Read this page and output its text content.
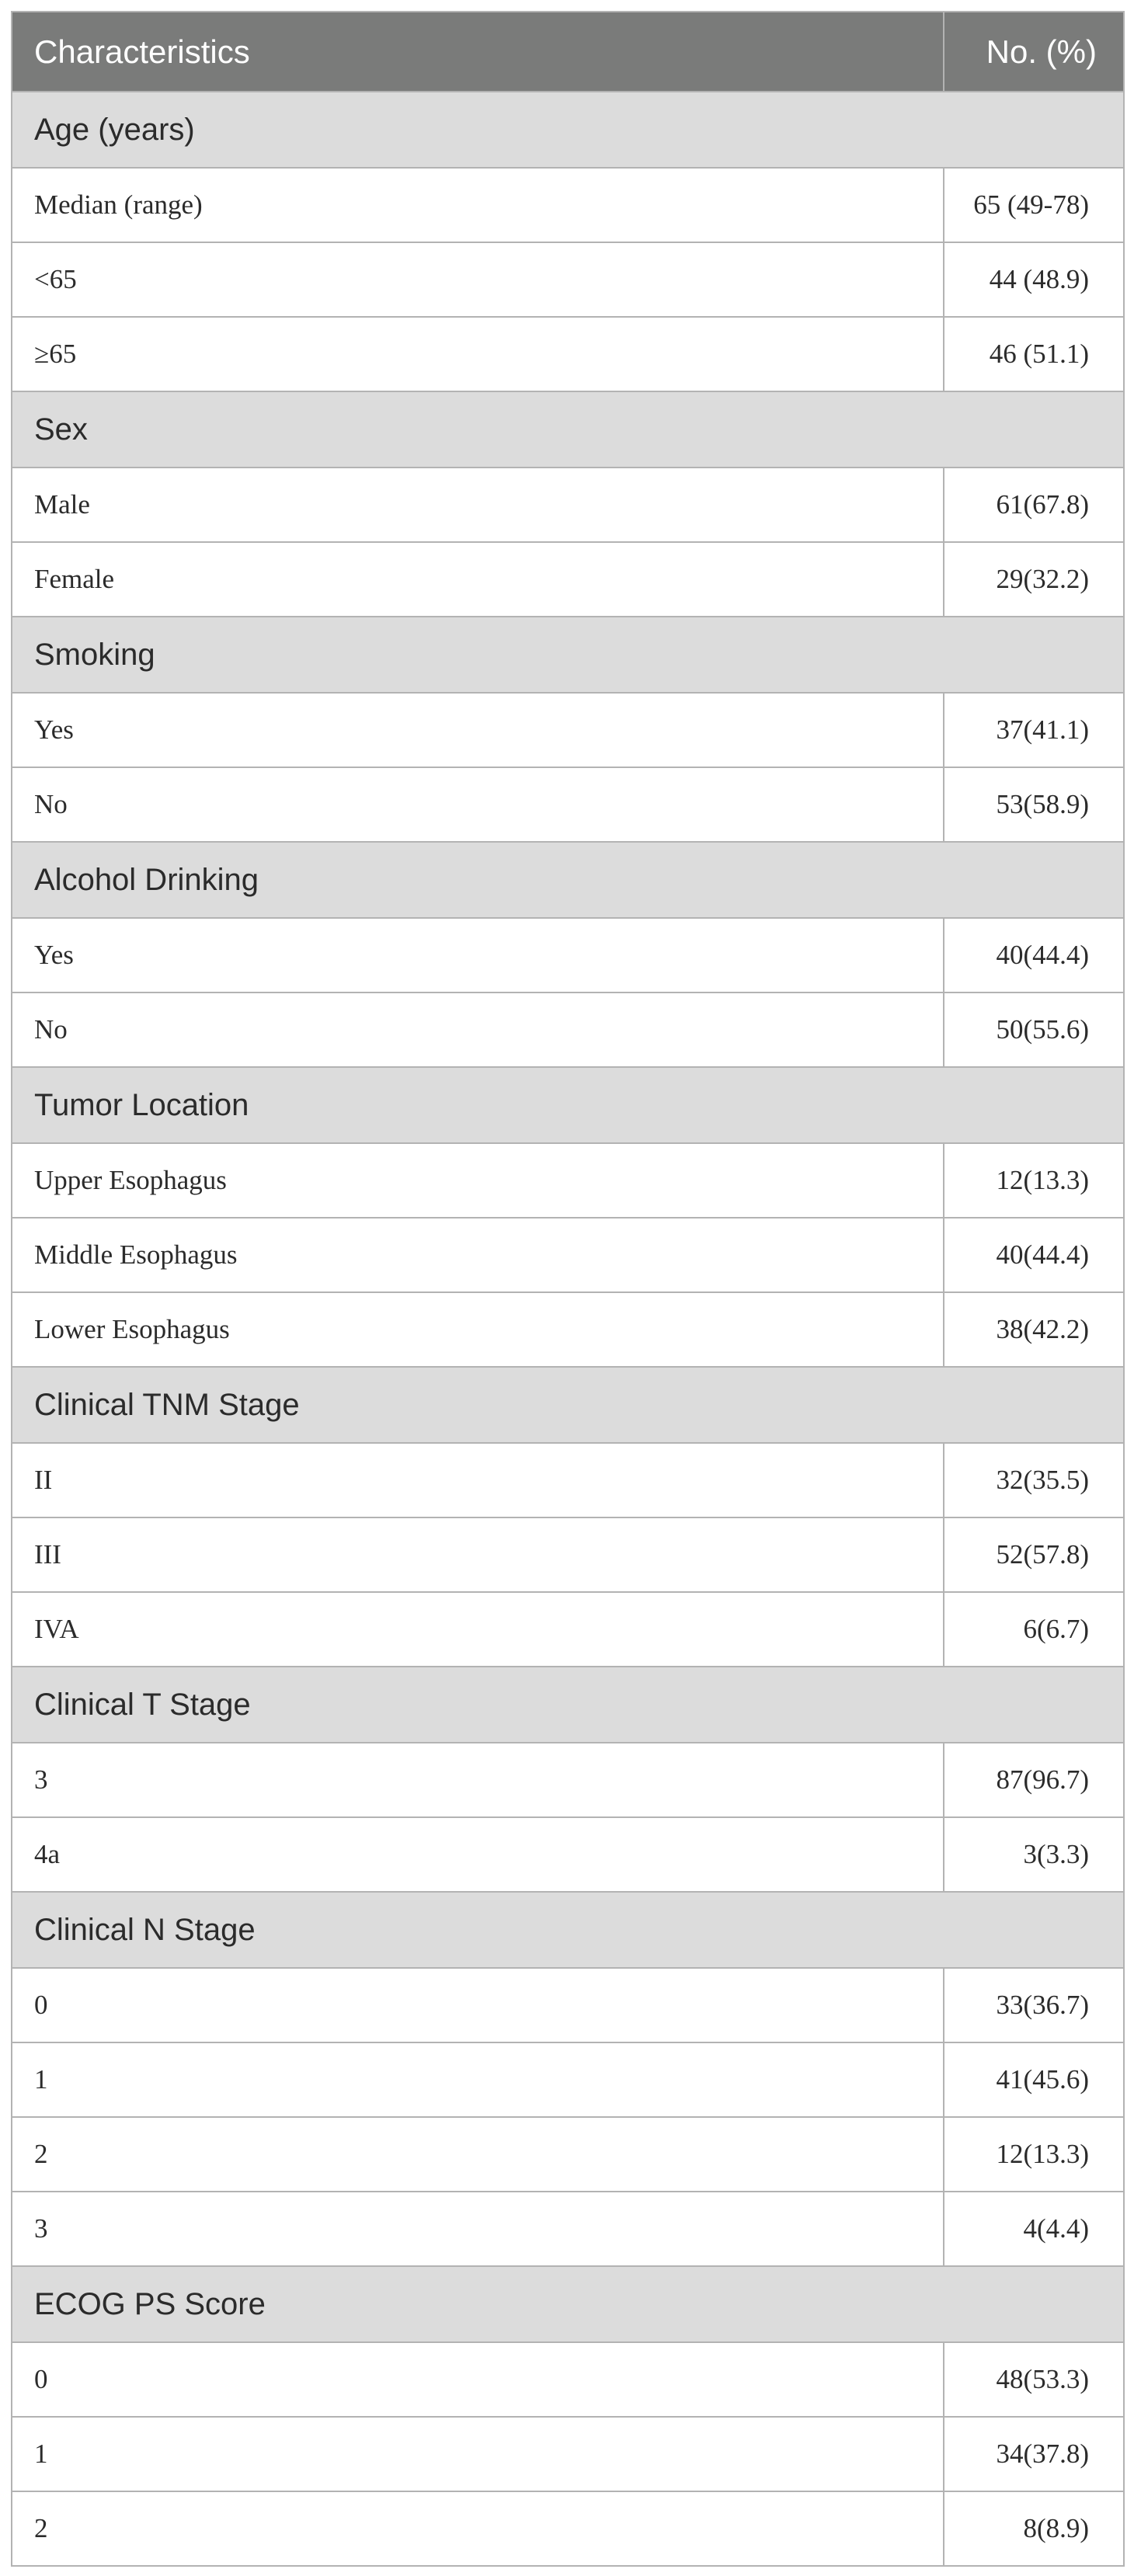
Characteristics	No. (%)
Age (years)	
Median (range)	65 (49-78)
<65	44 (48.9)
≥65	46 (51.1)
Sex	
Male	61(67.8)
Female	29(32.2)
Smoking	
Yes	37(41.1)
No	53(58.9)
Alcohol Drinking	
Yes	40(44.4)
No	50(55.6)
Tumor Location	
Upper Esophagus	12(13.3)
Middle Esophagus	40(44.4)
Lower Esophagus	38(42.2)
Clinical TNM Stage	
II	32(35.5)
III	52(57.8)
IVA	6(6.7)
Clinical T Stage	
3	87(96.7)
4a	3(3.3)
Clinical N Stage	
0	33(36.7)
1	41(45.6)
2	12(13.3)
3	4(4.4)
ECOG PS Score	
0	48(53.3)
1	34(37.8)
2	8(8.9)
